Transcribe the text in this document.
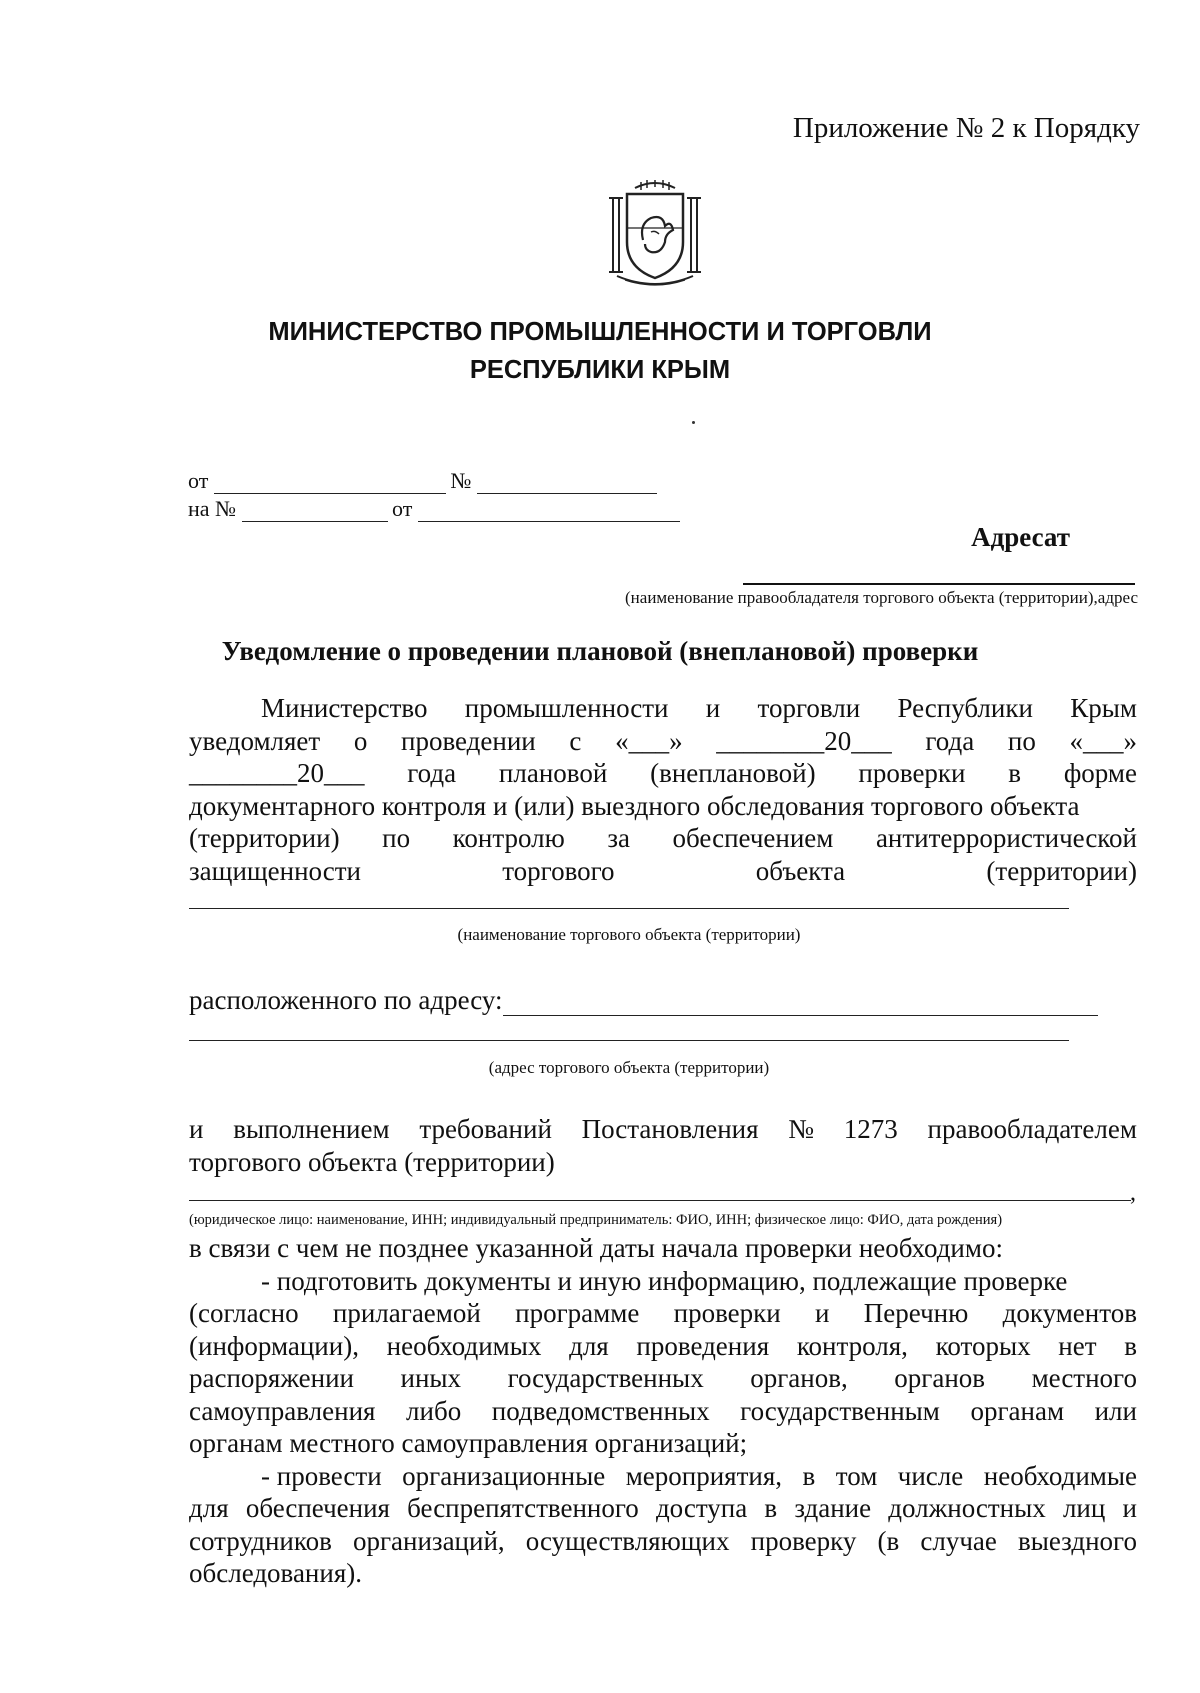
Приложение № 2 к Порядку
МИНИСТЕРСТВО ПРОМЫШЛЕННОСТИ И ТОРГОВЛИ
РЕСПУБЛИКИ КРЫМ
от	№
на №	от
Адресат
(наименование правообладателя торгового объекта (территории),адрес
Уведомление о проведении плановой (внеплановой) проверки
Министерство промышленности и торговли Республики Крым
уведомляет о проведении с «___» ________20___ года по «___»
________20___ года плановой (внеплановой) проверки в форме
документарного контроля и (или) выездного обследования торгового объекта
(территории) по контролю за обеспечением антитеррористической
защищенности	торгового	объекта	(территории)
(наименование торгового объекта (территории)
расположенного по адресу:
(адрес торгового объекта (территории)
и выполнением требований Постановления № 1273 правообладателем
торгового объекта (территории)
,
(юридическое лицо: наименование, ИНН; индивидуальный предприниматель: ФИО, ИНН; физическое лицо: ФИО, дата рождения)
в связи с чем не позднее указанной даты начала проверки необходимо:
- подготовить документы и иную информацию, подлежащие проверке
(согласно прилагаемой программе проверки и Перечню документов
(информации), необходимых для проведения контроля, которых нет в
распоряжении иных государственных органов, органов местного
самоуправления либо подведомственных государственным органам или
органам местного самоуправления организаций;
- провести организационные мероприятия, в том числе необходимые
для обеспечения беспрепятственного доступа в здание должностных лиц и
сотрудников организаций, осуществляющих проверку (в случае выездного
обследования).
